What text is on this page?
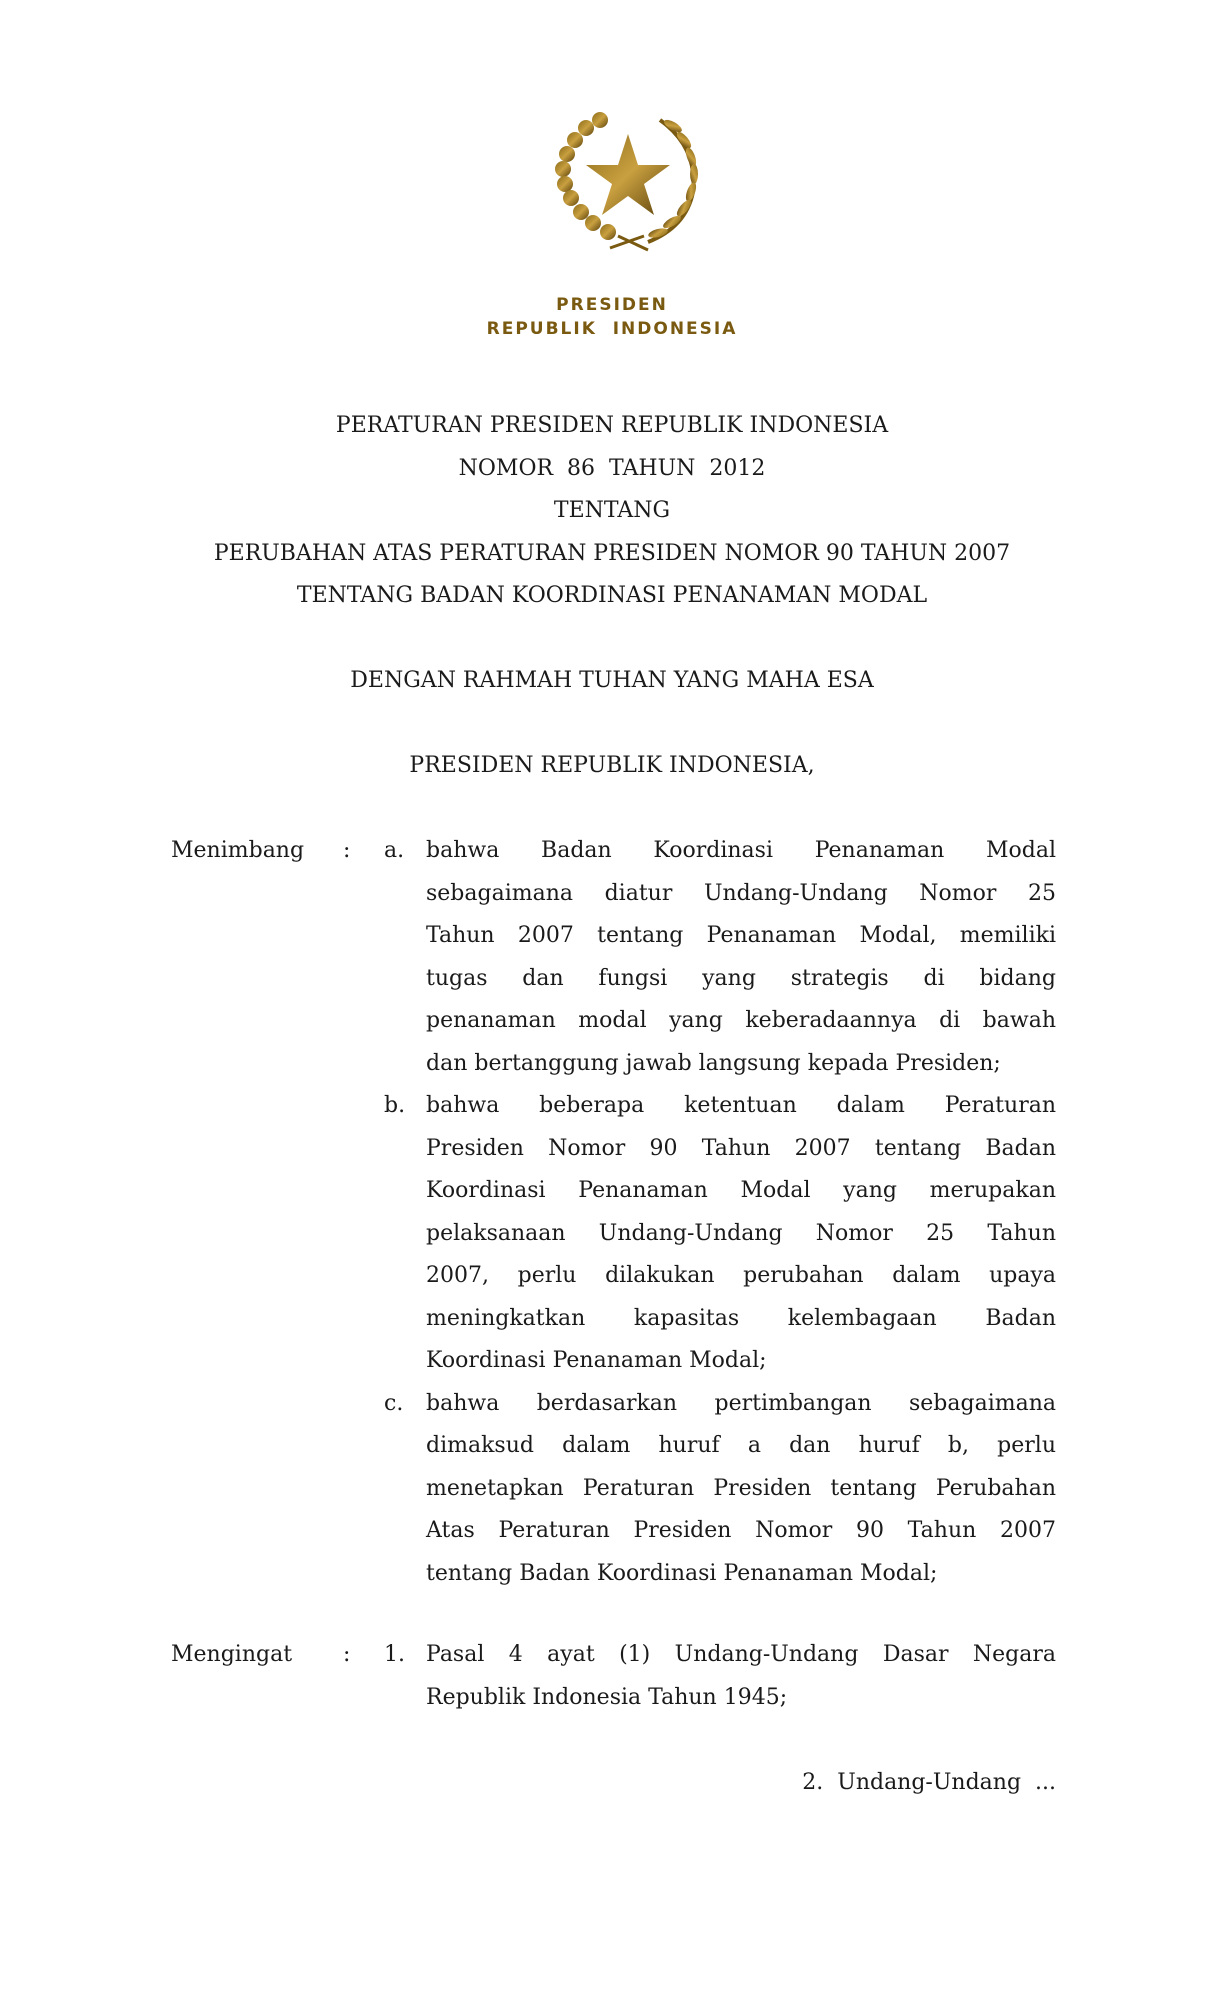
PRESIDEN
REPUBLIK  INDONESIA
PERATURAN PRESIDEN REPUBLIK INDONESIA
NOMOR  86  TAHUN  2012
TENTANG
PERUBAHAN ATAS PERATURAN PRESIDEN NOMOR 90 TAHUN 2007
TENTANG BADAN KOORDINASI PENANAMAN MODAL
DENGAN RAHMAH TUHAN YANG MAHA ESA
PRESIDEN REPUBLIK INDONESIA,
Menimbang : a. bahwa Badan Koordinasi Penanaman Modal
sebagaimana diatur Undang-Undang Nomor 25
Tahun 2007 tentang Penanaman Modal, memiliki
tugas dan fungsi yang strategis di bidang
penanaman modal yang keberadaannya di bawah
dan bertanggung jawab langsung kepada Presiden;
b. bahwa beberapa ketentuan dalam Peraturan
Presiden Nomor 90 Tahun 2007 tentang Badan
Koordinasi Penanaman Modal yang merupakan
pelaksanaan Undang-Undang Nomor 25 Tahun
2007, perlu dilakukan perubahan dalam upaya
meningkatkan kapasitas kelembagaan Badan
Koordinasi Penanaman Modal;
c. bahwa berdasarkan pertimbangan sebagaimana
dimaksud dalam huruf a dan huruf b, perlu
menetapkan Peraturan Presiden tentang Perubahan
Atas Peraturan Presiden Nomor 90 Tahun 2007
tentang Badan Koordinasi Penanaman Modal;
Mengingat : 1. Pasal 4 ayat (1) Undang-Undang Dasar Negara
Republik Indonesia Tahun 1945;
2.  Undang-Undang  ...
